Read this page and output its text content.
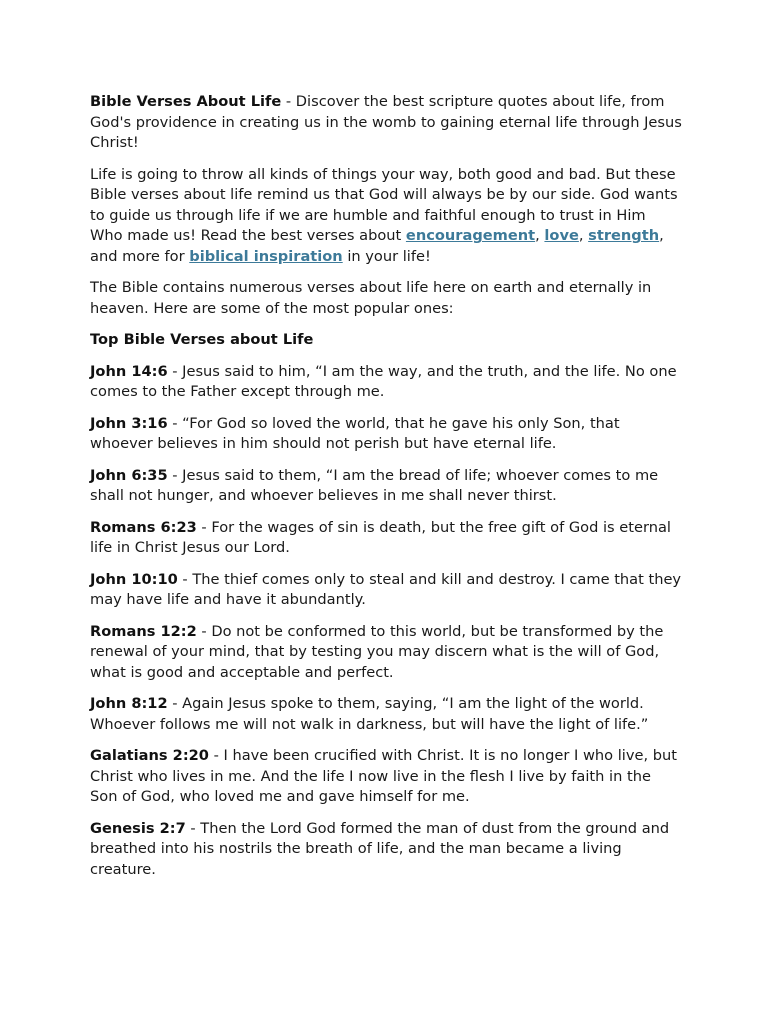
Bible Verses About Life - Discover the best scripture quotes about life, from God's providence in creating us in the womb to gaining eternal life through Jesus Christ!

Life is going to throw all kinds of things your way, both good and bad. But these Bible verses about life remind us that God will always be by our side. God wants to guide us through life if we are humble and faithful enough to trust in Him Who made us! Read the best verses about encouragement, love, strength, and more for biblical inspiration in your life!

The Bible contains numerous verses about life here on earth and eternally in heaven. Here are some of the most popular ones:

Top Bible Verses about Life

John 14:6 - Jesus said to him, “I am the way, and the truth, and the life. No one comes to the Father except through me.

John 3:16 - “For God so loved the world, that he gave his only Son, that whoever believes in him should not perish but have eternal life.

John 6:35 - Jesus said to them, “I am the bread of life; whoever comes to me shall not hunger, and whoever believes in me shall never thirst.

Romans 6:23 - For the wages of sin is death, but the free gift of God is eternal life in Christ Jesus our Lord.

John 10:10 - The thief comes only to steal and kill and destroy. I came that they may have life and have it abundantly.

Romans 12:2 - Do not be conformed to this world, but be transformed by the renewal of your mind, that by testing you may discern what is the will of God, what is good and acceptable and perfect.

John 8:12 - Again Jesus spoke to them, saying, “I am the light of the world. Whoever follows me will not walk in darkness, but will have the light of life.”

Galatians 2:20 - I have been crucified with Christ. It is no longer I who live, but Christ who lives in me. And the life I now live in the flesh I live by faith in the Son of God, who loved me and gave himself for me.

Genesis 2:7 - Then the Lord God formed the man of dust from the ground and breathed into his nostrils the breath of life, and the man became a living creature.
